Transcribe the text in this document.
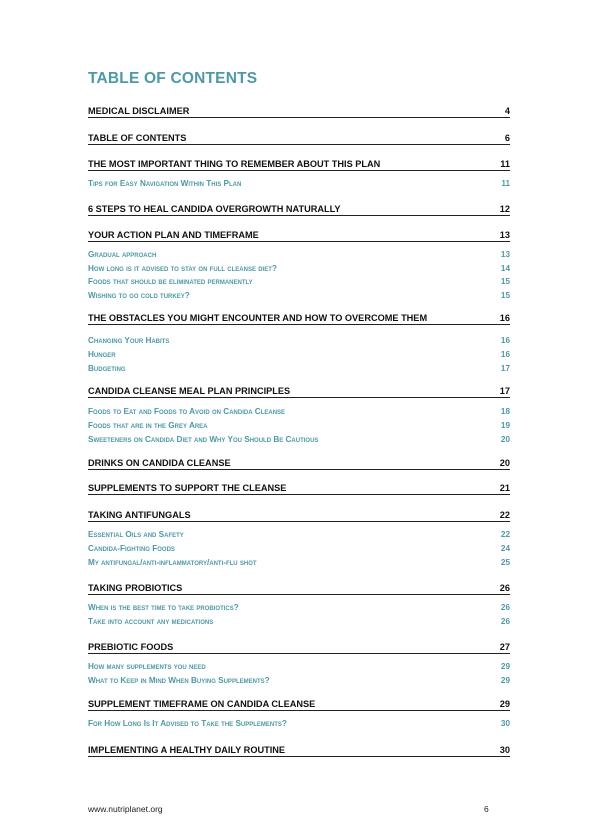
TABLE OF CONTENTS
MEDICAL DISCLAIMER	4
TABLE OF CONTENTS	6
THE MOST IMPORTANT THING TO REMEMBER ABOUT THIS PLAN	11
Tips for Easy Navigation Within This Plan	11
6 STEPS TO HEAL CANDIDA OVERGROWTH NATURALLY	12
YOUR ACTION PLAN AND TIMEFRAME	13
Gradual approach	13
How long is it advised to stay on full cleanse diet?	14
Foods that should be eliminated permanently	15
Wishing to go cold turkey?	15
THE OBSTACLES YOU MIGHT ENCOUNTER AND HOW TO OVERCOME THEM	16
Changing Your Habits	16
Hunger	16
Budgeting	17
CANDIDA CLEANSE MEAL PLAN PRINCIPLES	17
Foods to Eat and Foods to Avoid on Candida Cleanse	18
Foods that are in the Grey Area	19
Sweeteners on Candida Diet and Why You Should Be Cautious	20
DRINKS ON CANDIDA CLEANSE	20
SUPPLEMENTS TO SUPPORT THE CLEANSE	21
TAKING ANTIFUNGALS	22
Essential Oils and Safety	22
Candida-Fighting Foods	24
My antifungal/anti-inflammatory/anti-flu shot	25
TAKING PROBIOTICS	26
When is the best time to take probiotics?	26
Take into account any medications	26
PREBIOTIC FOODS	27
How many supplements you need	29
What to Keep in Mind When Buying Supplements?	29
SUPPLEMENT TIMEFRAME ON CANDIDA CLEANSE	29
For How Long Is It Advised to Take the Supplements?	30
IMPLEMENTING A HEALTHY DAILY ROUTINE	30
www.nutriplanet.org	6
